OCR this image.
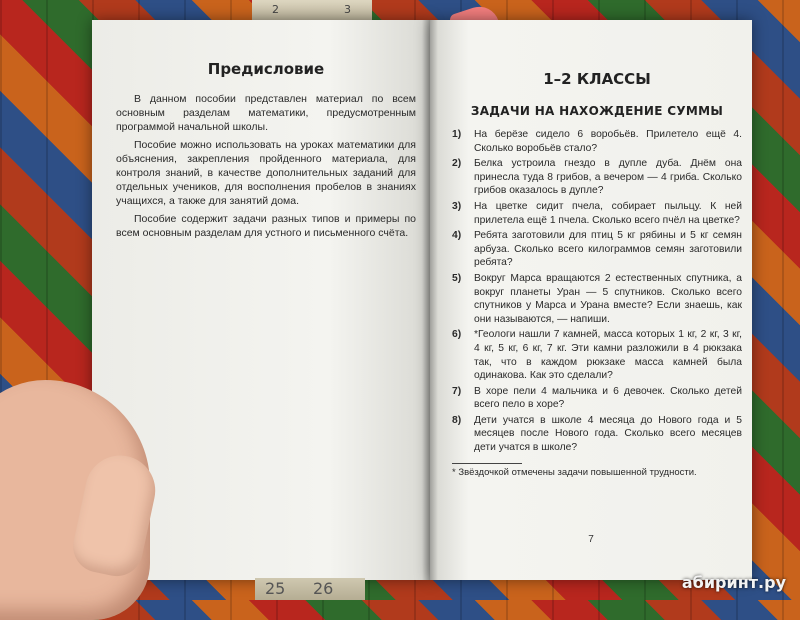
2	3
Предисловие

В данном пособии представлен материал по всем основным разделам математики, предусмотренным программой начальной школы.

Пособие можно использовать на уроках математики для объяснения, закрепления пройденного материала, для контроля знаний, в качестве дополнительных заданий для отдельных учеников, для восполнения пробелов в знаниях учащихся, а также для занятий дома.

Пособие содержит задачи разных типов и примеры по всем основным разделам для устного и письменного счёта.

1–2 КЛАССЫ
ЗАДАЧИ НА НАХОЖДЕНИЕ СУММЫ
1)	На берёзе сидело 6 воробьёв. Прилетело ещё 4. Сколько воробьёв стало?
2)	Белка устроила гнездо в дупле дуба. Днём она принесла туда 8 грибов, а вечером — 4 гриба. Сколько грибов оказалось в дупле?
3)	На цветке сидит пчела, собирает пыльцу. К ней прилетела ещё 1 пчела. Сколько всего пчёл на цветке?
4)	Ребята заготовили для птиц 5 кг рябины и 5 кг семян арбуза. Сколько всего килограммов семян заготовили ребята?
5)	Вокруг Марса вращаются 2 естественных спутника, а вокруг планеты Уран — 5 спутников. Сколько всего спутников у Марса и Урана вместе? Если знаешь, как они называются, — напиши.
6)	*Геологи нашли 7 камней, масса которых 1 кг, 2 кг, 3 кг, 4 кг, 5 кг, 6 кг, 7 кг. Эти камни разложили в 4 рюкзака так, что в каждом рюкзаке масса камней была одинакова. Как это сделали?
7)	В хоре пели 4 мальчика и 6 девочек. Сколько детей всего пело в хоре?
8)	Дети учатся в школе 4 месяца до Нового года и 5 месяцев после Нового года. Сколько всего месяцев дети учатся в школе?
* Звёздочкой отмечены задачи повышенной трудности.
7
25 26	абиринт.ру
